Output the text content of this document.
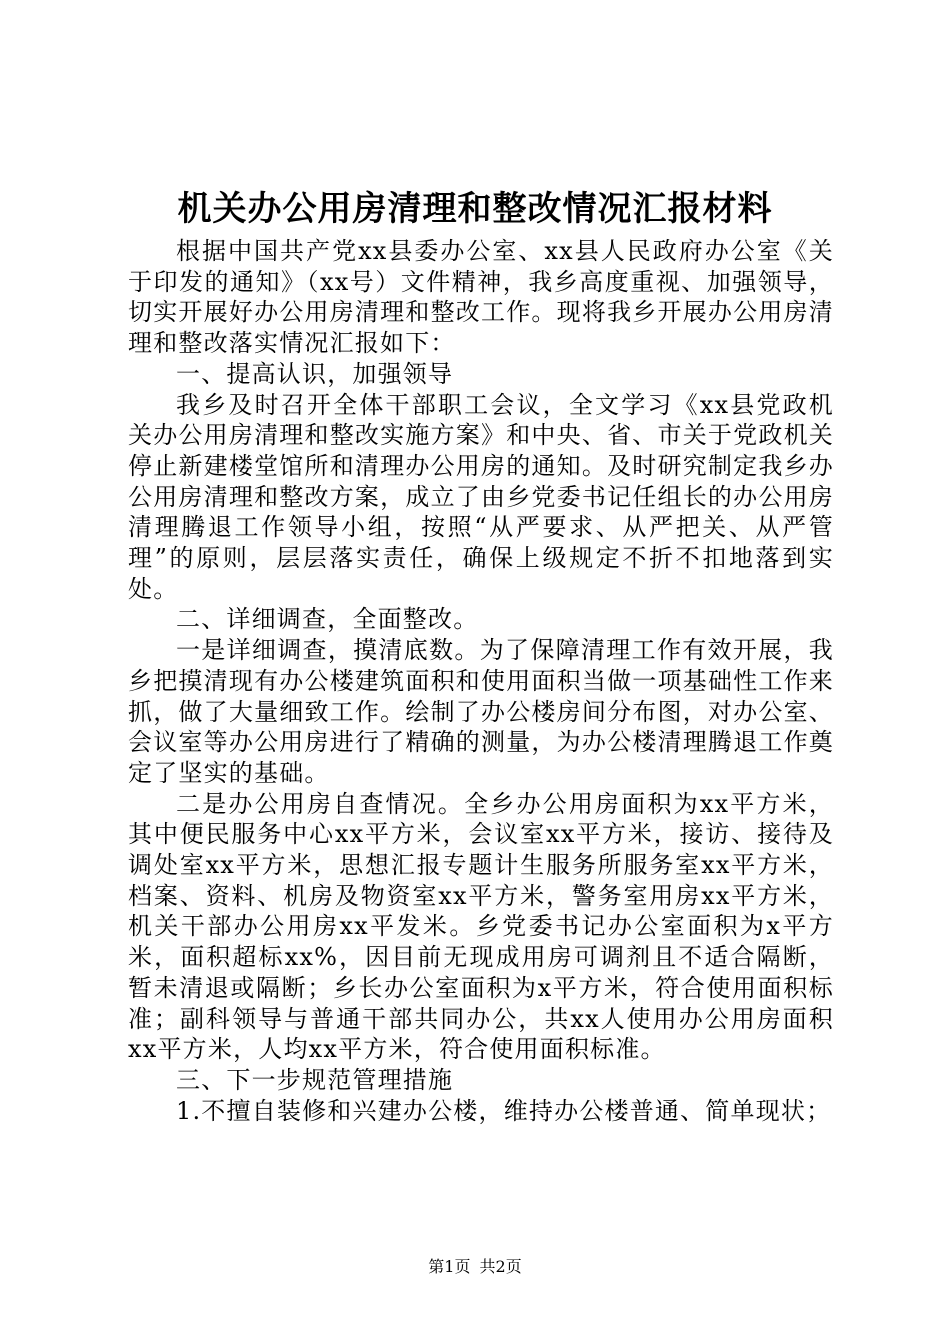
机关办公用房清理和整改情况汇报材料

根据中国共产党xx县委办公室、xx县人民政府办公室《关于印发的通知》（xx号）文件精神，我乡高度重视、加强领导，切实开展好办公用房清理和整改工作。现将我乡开展办公用房清理和整改落实情况汇报如下：

一、提高认识，加强领导

我乡及时召开全体干部职工会议，全文学习《xx县党政机关办公用房清理和整改实施方案》和中央、省、市关于党政机关停止新建楼堂馆所和清理办公用房的通知。及时研究制定我乡办公用房清理和整改方案，成立了由乡党委书记任组长的办公用房清理腾退工作领导小组，按照“从严要求、从严把关、从严管理”的原则，层层落实责任，确保上级规定不折不扣地落到实处。

二、详细调查，全面整改。

一是详细调查，摸清底数。为了保障清理工作有效开展，我乡把摸清现有办公楼建筑面积和使用面积当做一项基础性工作来抓，做了大量细致工作。绘制了办公楼房间分布图，对办公室、会议室等办公用房进行了精确的测量，为办公楼清理腾退工作奠定了坚实的基础。

二是办公用房自查情况。全乡办公用房面积为xx平方米，其中便民服务中心xx平方米，会议室xx平方米，接访、接待及调处室xx平方米，思想汇报专题计生服务所服务室xx平方米，档案、资料、机房及物资室xx平方米，警务室用房xx平方米，机关干部办公用房xx平发米。乡党委书记办公室面积为x平方米，面积超标xx%，因目前无现成用房可调剂且不适合隔断，暂未清退或隔断；乡长办公室面积为x平方米，符合使用面积标准；副科领导与普通干部共同办公，共xx人使用办公用房面积xx平方米，人均xx平方米，符合使用面积标准。

三、下一步规范管理措施

1.不擅自装修和兴建办公楼，维持办公楼普通、简单现状；

第1页 共2页
